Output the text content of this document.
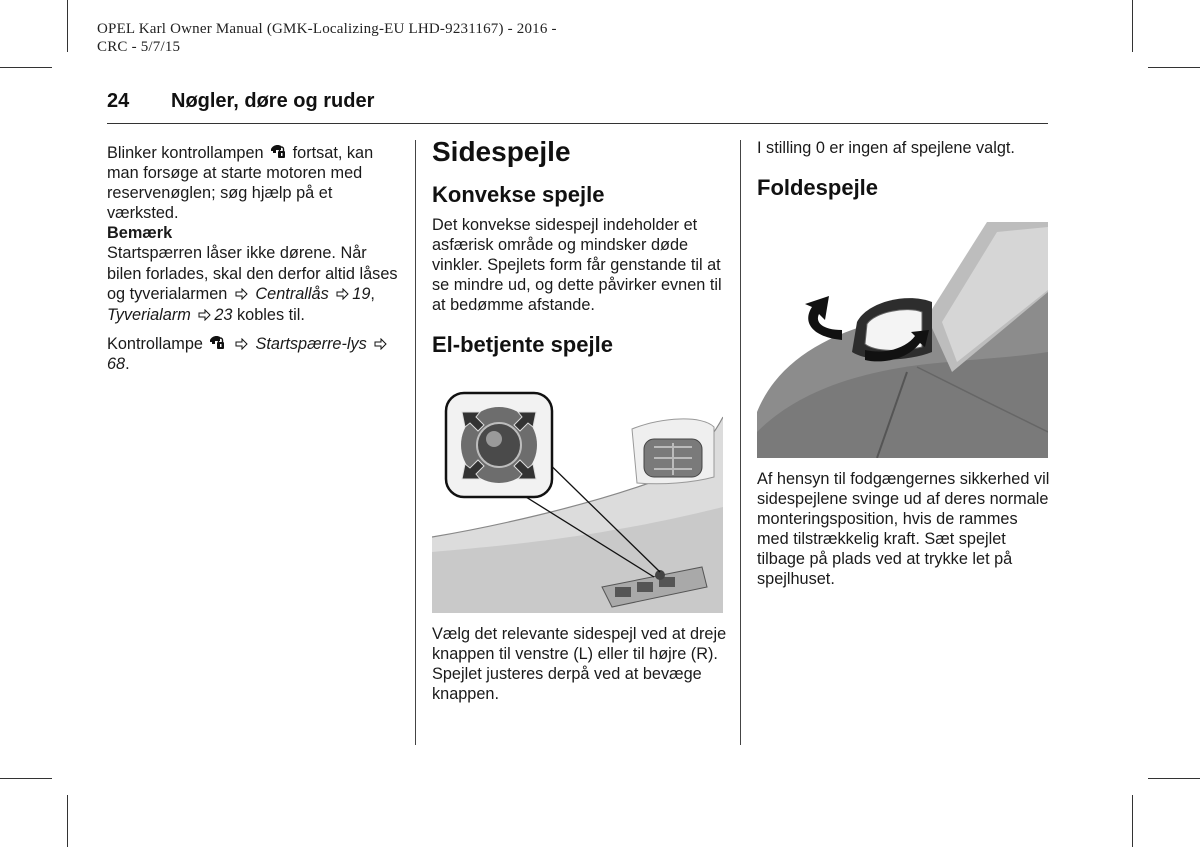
OPEL Karl Owner Manual (GMK-Localizing-EU LHD-9231167) - 2016 -
CRC - 5/7/15
24 Nøgler, døre og ruder

Blinker kontrollampen fortsat, kan man forsøge at starte motoren med reservenøglen; søg hjælp på et værksted.

Bemærk

Startspærren låser ikke dørene. Når bilen forlades, skal den derfor altid låses og tyverialarmen Centrallås 19, Tyverialarm 23 kobles til.

Kontrollampe	Startspærre-lys 68.

Sidespejle
Konvekse spejle

Det konvekse sidespejl indeholder et asfærisk område og mindsker døde vinkler. Spejlets form får genstande til at se mindre ud, og dette påvirker evnen til at bedømme afstande.

El-betjente spejle

Vælg det relevante sidespejl ved at dreje knappen til venstre (L) eller til højre (R). Spejlet justeres derpå ved at bevæge knappen.

I stilling 0 er ingen af spejlene valgt.

Foldespejle

Af hensyn til fodgængernes sikkerhed vil sidespejlene svinge ud af deres normale monteringsposition, hvis de rammes med tilstrækkelig kraft. Sæt spejlet tilbage på plads ved at trykke let på spejlhuset.
